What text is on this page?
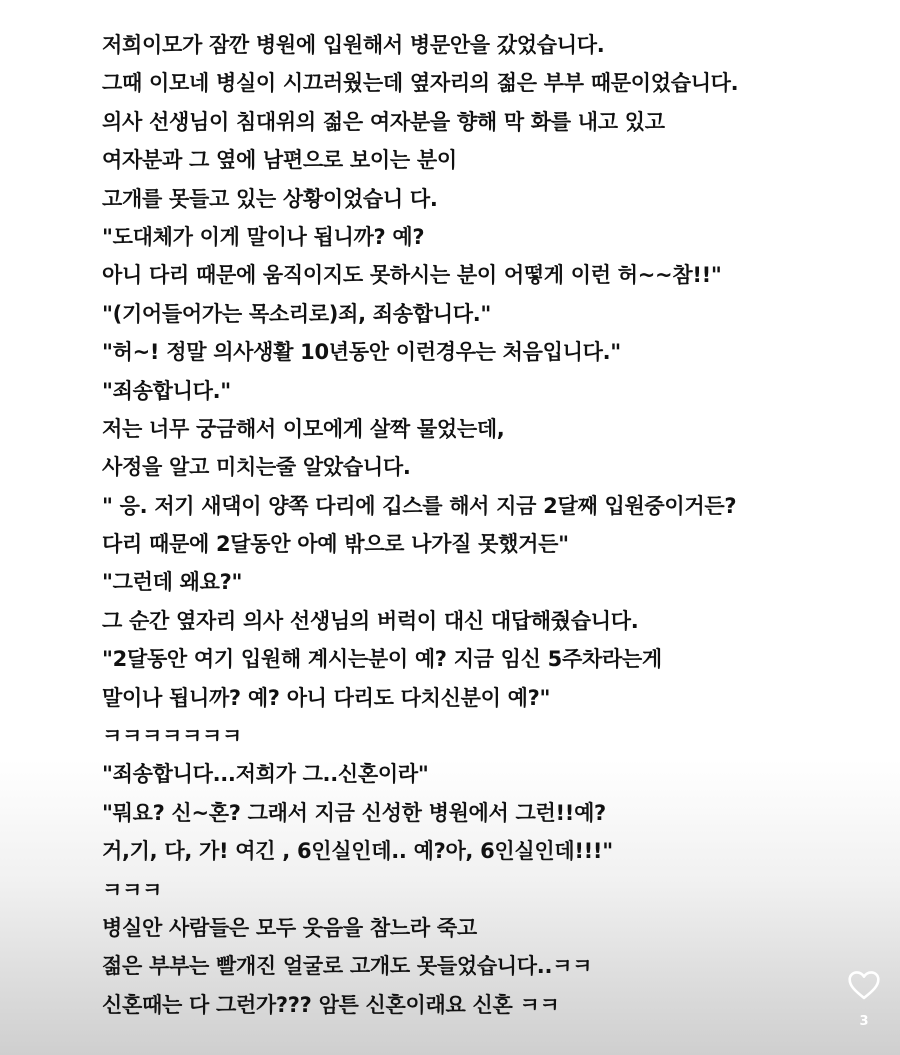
저희이모가 잠깐 병원에 입원해서 병문안을 갔었습니다.
그때 이모네 병실이 시끄러웠는데 옆자리의 젊은 부부 때문이었습니다.
의사 선생님이 침대위의 젊은 여자분을 향해 막 화를 내고 있고
여자분과 그 옆에 남편으로 보이는 분이
고개를 못들고 있는 상황이었습니 다.
"도대체가 이게 말이나 됩니까? 예?
아니 다리 때문에 움직이지도 못하시는 분이 어떻게 이런 허~~참!!"
"(기어들어가는 목소리로)죄, 죄송합니다."
"허~! 정말 의사생활 10년동안 이런경우는 처음입니다."
"죄송합니다."
저는 너무 궁금해서 이모에게 살짝 물었는데,
사정을 알고 미치는줄 알았습니다.
" 응. 저기 새댁이 양쪽 다리에 깁스를 해서 지금 2달째 입원중이거든?
다리 때문에 2달동안 아예 밖으로 나가질 못했거든"
"그런데 왜요?"
그 순간 옆자리 의사 선생님의 버럭이 대신 대답해줬습니다.
"2달동안 여기 입원해 계시는분이 예? 지금 임신 5주차라는게
말이나 됩니까? 예? 아니 다리도 다치신분이 예?"
ㅋㅋㅋㅋㅋㅋㅋ
"죄송합니다...저희가 그..신혼이라"
"뭐요? 신~혼? 그래서 지금 신성한 병원에서 그런!!예?
거,기, 다, 가! 여긴 , 6인실인데.. 예?아, 6인실인데!!!"
ㅋㅋㅋ
병실안 사람들은 모두 웃음을 참느라 죽고
젊은 부부는 빨개진 얼굴로 고개도 못들었습니다..ㅋㅋ
신혼때는 다 그런가??? 암튼 신혼이래요 신혼 ㅋㅋ
3
